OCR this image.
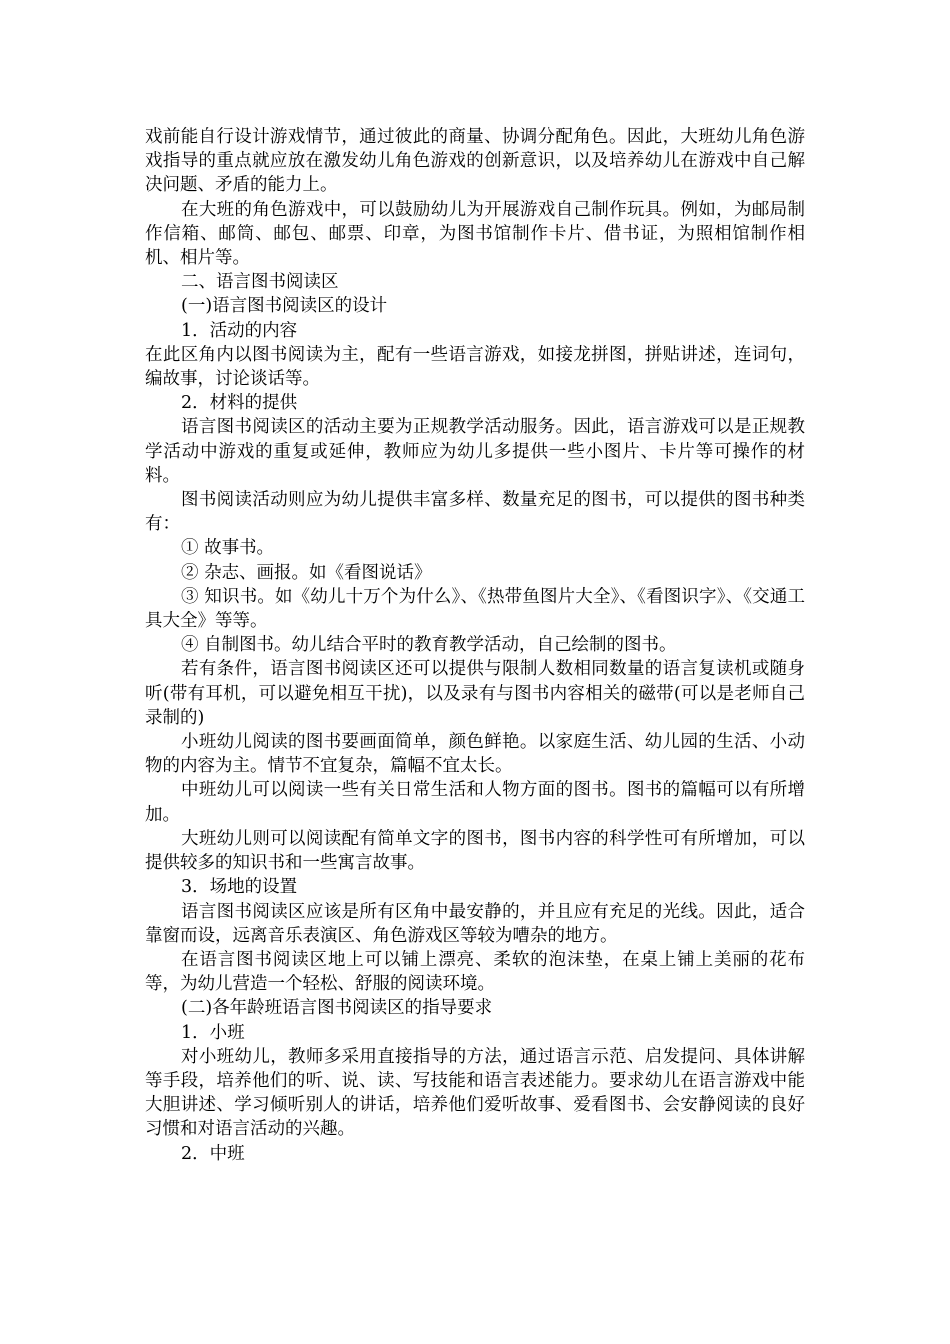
戏前能自行设计游戏情节，通过彼此的商量、协调分配角色。因此，大班幼儿角色游戏指导的重点就应放在激发幼儿角色游戏的创新意识，以及培养幼儿在游戏中自己解决问题、矛盾的能力上。

在大班的角色游戏中，可以鼓励幼儿为开展游戏自己制作玩具。例如，为邮局制作信箱、邮筒、邮包、邮票、印章，为图书馆制作卡片、借书证，为照相馆制作相机、相片等。

二、语言图书阅读区

(一)语言图书阅读区的设计

1．活动的内容

在此区角内以图书阅读为主，配有一些语言游戏，如接龙拼图，拼贴讲述，连词句，编故事，讨论谈话等。

2．材料的提供

语言图书阅读区的活动主要为正规教学活动服务。因此，语言游戏可以是正规教学活动中游戏的重复或延伸，教师应为幼儿多提供一些小图片、卡片等可操作的材料。

图书阅读活动则应为幼儿提供丰富多样、数量充足的图书，可以提供的图书种类有：

① 故事书。

② 杂志、画报。如《看图说话》

③ 知识书。如《幼儿十万个为什么》、《热带鱼图片大全》、《看图识字》、《交通工具大全》等等。

④ 自制图书。幼儿结合平时的教育教学活动，自己绘制的图书。

若有条件，语言图书阅读区还可以提供与限制人数相同数量的语言复读机或随身听(带有耳机，可以避免相互干扰)，以及录有与图书内容相关的磁带(可以是老师自己录制的)

小班幼儿阅读的图书要画面简单，颜色鲜艳。以家庭生活、幼儿园的生活、小动物的内容为主。情节不宜复杂，篇幅不宜太长。

中班幼儿可以阅读一些有关日常生活和人物方面的图书。图书的篇幅可以有所增加。

大班幼儿则可以阅读配有简单文字的图书，图书内容的科学性可有所增加，可以提供较多的知识书和一些寓言故事。

3．场地的设置

语言图书阅读区应该是所有区角中最安静的，并且应有充足的光线。因此，适合靠窗而设，远离音乐表演区、角色游戏区等较为嘈杂的地方。

在语言图书阅读区地上可以铺上漂亮、柔软的泡沫垫，在桌上铺上美丽的花布等，为幼儿营造一个轻松、舒服的阅读环境。

(二)各年龄班语言图书阅读区的指导要求

1．小班

对小班幼儿，教师多采用直接指导的方法，通过语言示范、启发提问、具体讲解等手段，培养他们的听、说、读、写技能和语言表述能力。要求幼儿在语言游戏中能大胆讲述、学习倾听别人的讲话，培养他们爱听故事、爱看图书、会安静阅读的良好习惯和对语言活动的兴趣。

2．中班
